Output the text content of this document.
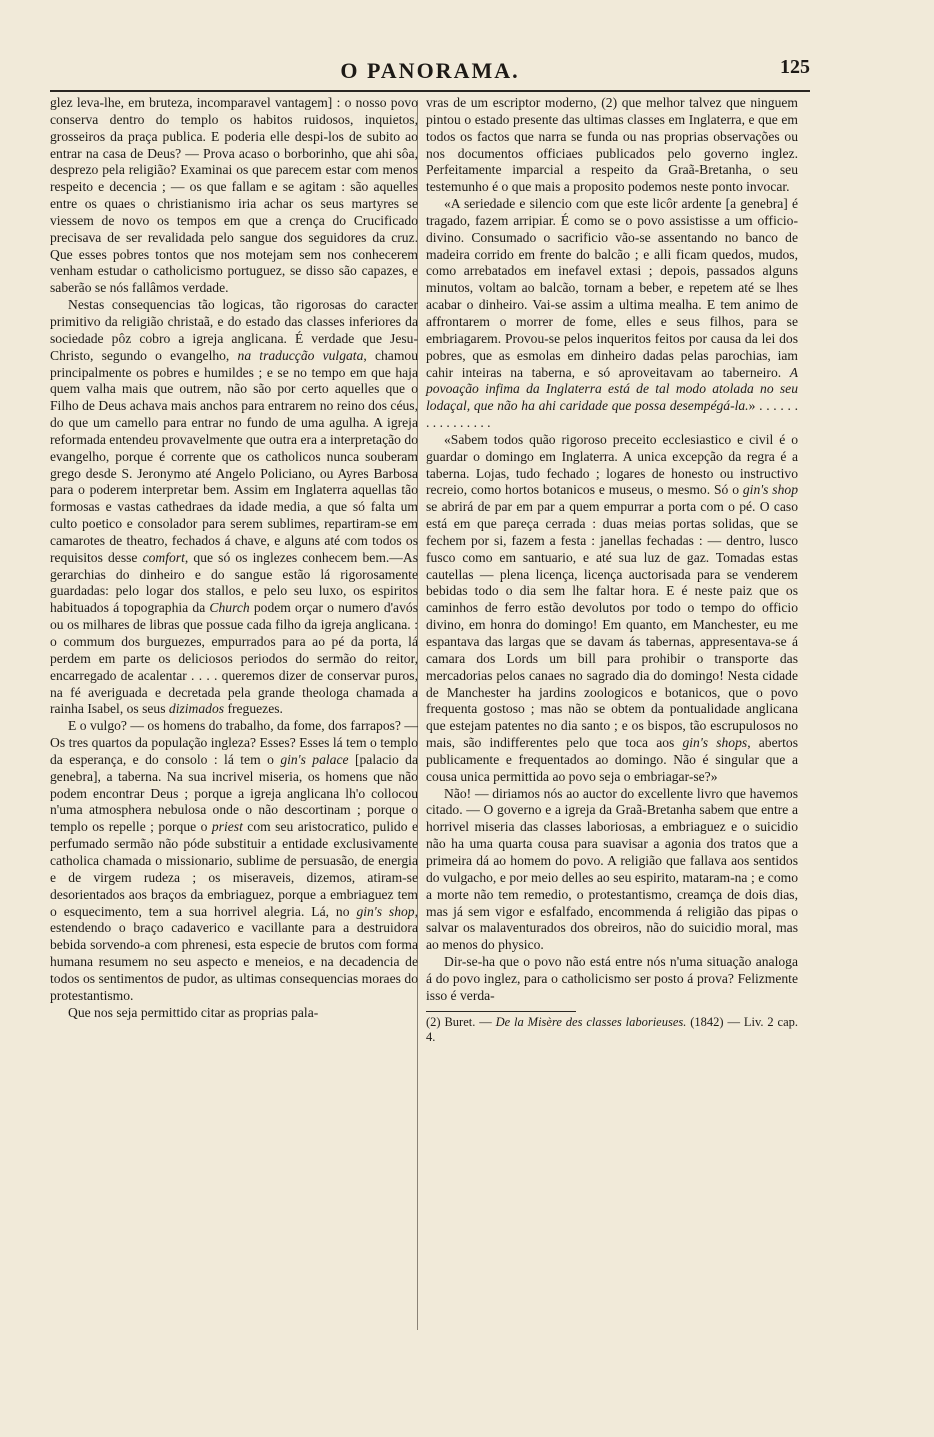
O PANORAMA.	125

glez leva-lhe, em bruteza, incomparavel vantagem] : o nosso povo conserva dentro do templo os habitos ruidosos, inquietos, grosseiros da praça publica. E poderia elle despi-los de subito ao entrar na casa de Deus? — Prova acaso o borborinho, que ahi sôa, desprezo pela religião? Examinai os que parecem estar com menos respeito e decencia ; — os que fallam e se agitam : são aquelles entre os quaes o christianismo iria achar os seus martyres se viessem de novo os tempos em que a crença do Crucificado precisava de ser revalidada pelo sangue dos seguidores da cruz. Que esses pobres tontos que nos motejam sem nos conhecerem venham estudar o catholicismo portuguez, se disso são capazes, e saberão se nós fallâmos verdade.

Nestas consequencias tão logicas, tão rigorosas do caracter primitivo da religião christaã, e do estado das classes inferiores da sociedade pôz cobro a igreja anglicana. É verdade que Jesu-Christo, segundo o evangelho, na traducção vulgata, chamou principalmente os pobres e humildes ; e se no tempo em que haja quem valha mais que outrem, não são por certo aquelles que o Filho de Deus achava mais anchos para entrarem no reino dos céus, do que um camello para entrar no fundo de uma agulha. A igreja reformada entendeu provavelmente que outra era a interpretação do evangelho, porque é corrente que os catholicos nunca souberam grego desde S. Jeronymo até Angelo Policiano, ou Ayres Barbosa para o poderem interpretar bem. Assim em Inglaterra aquellas tão formosas e vastas cathedraes da idade media, a que só falta um culto poetico e consolador para serem sublimes, repartiram-se em camarotes de theatro, fechados á chave, e alguns até com todos os requisitos desse comfort, que só os inglezes conhecem bem.—As gerarchias do dinheiro e do sangue estão lá rigorosamente guardadas: pelo logar dos stallos, e pelo seu luxo, os espiritos habituados á topographia da Church podem orçar o numero d'avós ou os milhares de libras que possue cada filho da igreja anglicana. : o commum dos burguezes, empurrados para ao pé da porta, lá perdem em parte os deliciosos periodos do sermão do reitor, encarregado de acalentar . . . . queremos dizer de conservar puros, na fé averiguada e decretada pela grande theologa chamada a rainha Isabel, os seus dizimados freguezes.

E o vulgo? — os homens do trabalho, da fome, dos farrapos? — Os tres quartos da população ingleza? Esses? Esses lá tem o templo da esperança, e do consolo : lá tem o gin's palace [palacio da genebra], a taberna. Na sua incrivel miseria, os homens que não podem encontrar Deus ; porque a igreja anglicana lh'o collocou n'uma atmosphera nebulosa onde o não descortinam ; porque o templo os repelle ; porque o priest com seu aristocratico, pulido e perfumado sermão não póde substituir a entidade exclusivamente catholica chamada o missionario, sublime de persuasão, de energia e de virgem rudeza ; os miseraveis, dizemos, atiram-se desorientados aos braços da embriaguez, porque a embriaguez tem o esquecimento, tem a sua horrivel alegria. Lá, no gin's shop, estendendo o braço cadaverico e vacillante para a destruidora bebida sorvendo-a com phrenesi, esta especie de brutos com forma humana resumem no seu aspecto e meneios, e na decadencia de todos os sentimentos de pudor, as ultimas consequencias moraes do protestantismo.

Que nos seja permittido citar as proprias pala-

vras de um escriptor moderno, (2) que melhor talvez que ninguem pintou o estado presente das ultimas classes em Inglaterra, e que em todos os factos que narra se funda ou nas proprias observações ou nos documentos officiaes publicados pelo governo inglez. Perfeitamente imparcial a respeito da Graã-Bretanha, o seu testemunho é o que mais a proposito podemos neste ponto invocar.

«A seriedade e silencio com que este licôr ardente [a genebra] é tragado, fazem arripiar. É como se o povo assistisse a um officio-divino. Consumado o sacrificio vão-se assentando no banco de madeira corrido em frente do balcão ; e alli ficam quedos, mudos, como arrebatados em inefavel extasi ; depois, passados alguns minutos, voltam ao balcão, tornam a beber, e repetem até se lhes acabar o dinheiro. Vai-se assim a ultima mealha. E tem animo de affrontarem o morrer de fome, elles e seus filhos, para se embriagarem. Provou-se pelos inqueritos feitos por causa da lei dos pobres, que as esmolas em dinheiro dadas pelas parochias, iam cahir inteiras na taberna, e só aproveitavam ao taberneiro. A povoação infima da Inglaterra está de tal modo atolada no seu lodaçal, que não ha ahi caridade que possa desempégá-la.» . . . . . . . . . . . . . . . .

«Sabem todos quão rigoroso preceito ecclesiastico e civil é o guardar o domingo em Inglaterra. A unica excepção da regra é a taberna. Lojas, tudo fechado ; logares de honesto ou instructivo recreio, como hortos botanicos e museus, o mesmo. Só o gin's shop se abrirá de par em par a quem empurrar a porta com o pé. O caso está em que pareça cerrada : duas meias portas solidas, que se fechem por si, fazem a festa : janellas fechadas : — dentro, lusco fusco como em santuario, e até sua luz de gaz. Tomadas estas cautellas — plena licença, licença auctorisada para se venderem bebidas todo o dia sem lhe faltar hora. E é neste paiz que os caminhos de ferro estão devolutos por todo o tempo do officio divino, em honra do domingo! Em quanto, em Manchester, eu me espantava das largas que se davam ás tabernas, appresentava-se á camara dos Lords um bill para prohibir o transporte das mercadorias pelos canaes no sagrado dia do domingo! Nesta cidade de Manchester ha jardins zoologicos e botanicos, que o povo frequenta gostoso ; mas não se obtem da pontualidade anglicana que estejam patentes no dia santo ; e os bispos, tão escrupulosos no mais, são indifferentes pelo que toca aos gin's shops, abertos publicamente e frequentados ao domingo. Não é singular que a cousa unica permittida ao povo seja o embriagar-se?»

Não! — diriamos nós ao auctor do excellente livro que havemos citado. — O governo e a igreja da Graã-Bretanha sabem que entre a horrivel miseria das classes laboriosas, a embriaguez e o suicidio não ha uma quarta cousa para suavisar a agonia dos tratos que a primeira dá ao homem do povo. A religião que fallava aos sentidos do vulgacho, e por meio delles ao seu espirito, mataram-na ; e como a morte não tem remedio, o protestantismo, creamça de dois dias, mas já sem vigor e esfalfado, encommenda á religião das pipas o salvar os malaventurados dos obreiros, não do suicidio moral, mas ao menos do physico.

Dir-se-ha que o povo não está entre nós n'uma situação analoga á do povo inglez, para o catholicismo ser posto á prova? Felizmente isso é verda-

(2) Buret. — De la Misère des classes laborieuses. (1842) — Liv. 2 cap. 4.
